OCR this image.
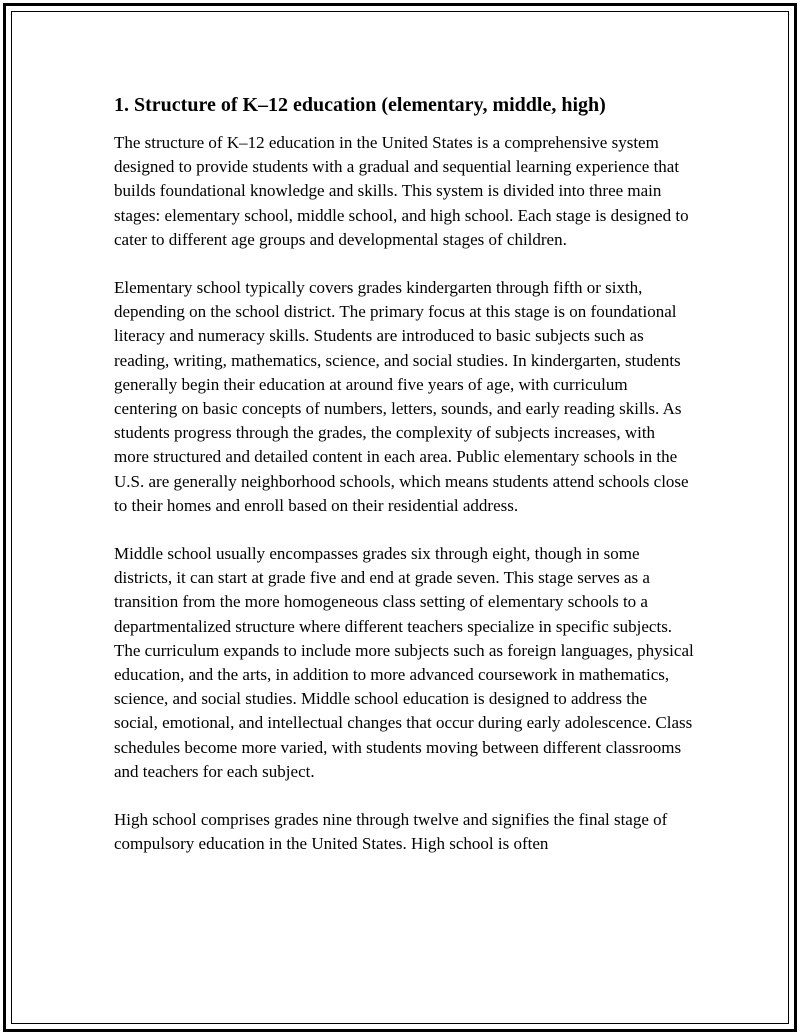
1. Structure of K–12 education (elementary, middle, high)

The structure of K–12 education in the United States is a comprehensive system designed to provide students with a gradual and sequential learning experience that builds foundational knowledge and skills. This system is divided into three main stages: elementary school, middle school, and high school. Each stage is designed to cater to different age groups and developmental stages of children.

Elementary school typically covers grades kindergarten through fifth or sixth, depending on the school district. The primary focus at this stage is on foundational literacy and numeracy skills. Students are introduced to basic subjects such as reading, writing, mathematics, science, and social studies. In kindergarten, students generally begin their education at around five years of age, with curriculum centering on basic concepts of numbers, letters, sounds, and early reading skills. As students progress through the grades, the complexity of subjects increases, with more structured and detailed content in each area. Public elementary schools in the U.S. are generally neighborhood schools, which means students attend schools close to their homes and enroll based on their residential address.

Middle school usually encompasses grades six through eight, though in some districts, it can start at grade five and end at grade seven. This stage serves as a transition from the more homogeneous class setting of elementary schools to a departmentalized structure where different teachers specialize in specific subjects. The curriculum expands to include more subjects such as foreign languages, physical education, and the arts, in addition to more advanced coursework in mathematics, science, and social studies. Middle school education is designed to address the social, emotional, and intellectual changes that occur during early adolescence. Class schedules become more varied, with students moving between different classrooms and teachers for each subject.

High school comprises grades nine through twelve and signifies the final stage of compulsory education in the United States. High school is often
